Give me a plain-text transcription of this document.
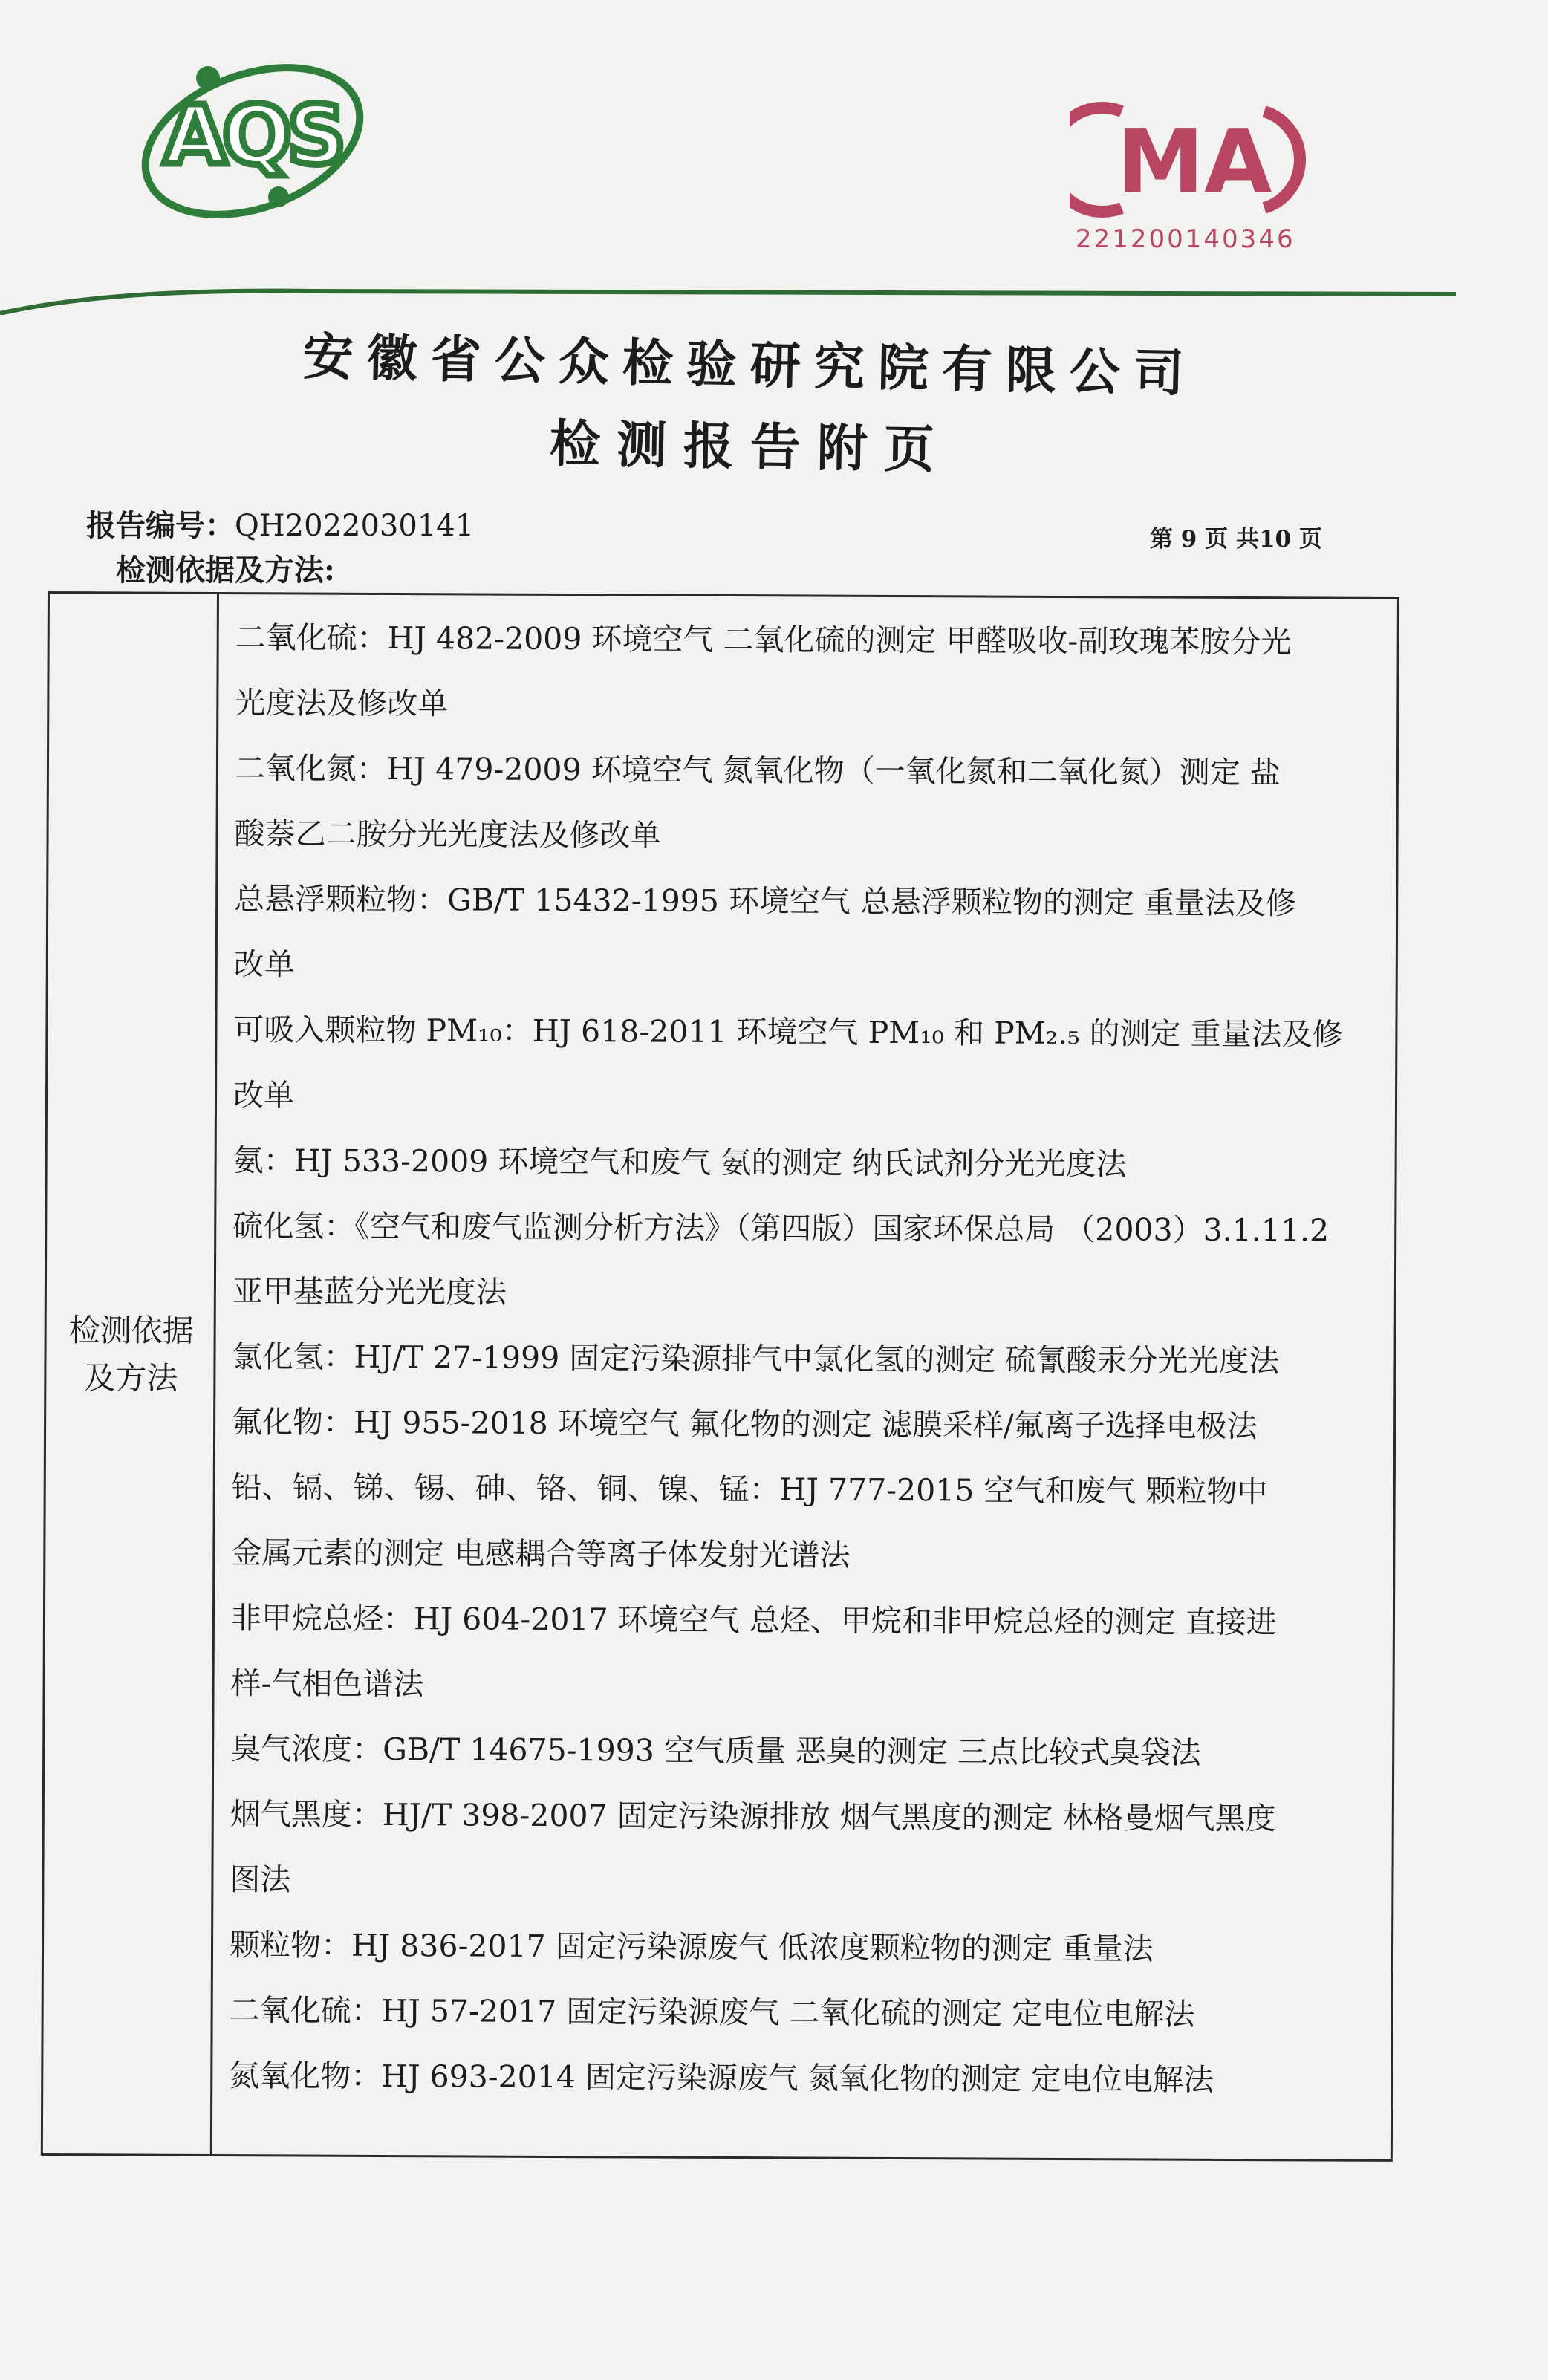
AQS	MA
221200140346
安徽省公众检验研究院有限公司
检测报告附页
报告编号：QH2022030141	第 9 页 共10 页
检测依据及方法:
检测依据
及方法
二氧化硫：HJ 482-2009 环境空气 二氧化硫的测定 甲醛吸收-副玫瑰苯胺分光
光度法及修改单
二氧化氮：HJ 479-2009 环境空气 氮氧化物（一氧化氮和二氧化氮）测定 盐
酸萘乙二胺分光光度法及修改单
总悬浮颗粒物：GB/T 15432-1995 环境空气 总悬浮颗粒物的测定 重量法及修
改单
可吸入颗粒物 PM₁₀：HJ 618-2011 环境空气 PM₁₀ 和 PM₂.₅ 的测定 重量法及修
改单
氨：HJ 533-2009 环境空气和废气 氨的测定 纳氏试剂分光光度法
硫化氢：《空气和废气监测分析方法》（第四版）国家环保总局 （2003）3.1.11.2
亚甲基蓝分光光度法
氯化氢：HJ/T 27-1999 固定污染源排气中氯化氢的测定 硫氰酸汞分光光度法
氟化物：HJ 955-2018 环境空气 氟化物的测定 滤膜采样/氟离子选择电极法
铅、镉、锑、锡、砷、铬、铜、镍、锰：HJ 777-2015 空气和废气 颗粒物中
金属元素的测定 电感耦合等离子体发射光谱法
非甲烷总烃：HJ 604-2017 环境空气 总烃、甲烷和非甲烷总烃的测定 直接进
样-气相色谱法
臭气浓度：GB/T 14675-1993 空气质量 恶臭的测定 三点比较式臭袋法
烟气黑度：HJ/T 398-2007 固定污染源排放 烟气黑度的测定 林格曼烟气黑度
图法
颗粒物：HJ 836-2017 固定污染源废气 低浓度颗粒物的测定 重量法
二氧化硫：HJ 57-2017 固定污染源废气 二氧化硫的测定 定电位电解法
氮氧化物：HJ 693-2014 固定污染源废气 氮氧化物的测定 定电位电解法
